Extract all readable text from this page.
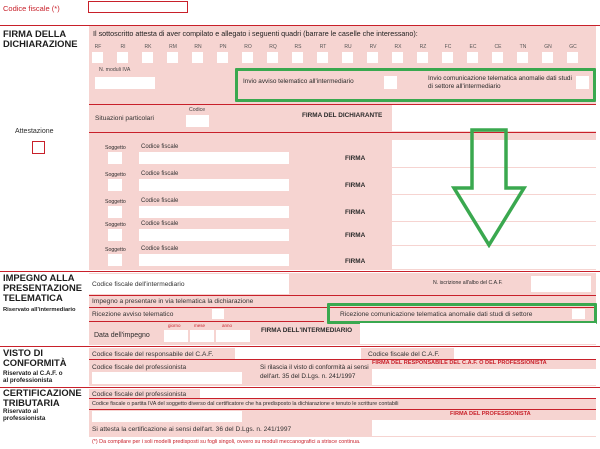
Codice fiscale (*)
FIRMA DELLA DICHIARAZIONE
Il sottoscritto attesta di aver compilato e allegato i seguenti quadri (barrare le caselle che interessano):
RF	RI	RK	RM	RN	PN	RO	RQ	RS	RT	RU	RV	RX	RZ	FC	EC	CE	TN	GN	GC
N. moduli IVA
Invio avviso telematico all'intermediario	Invio comunicazione telematica anomalie dati studi di settore all'intermediario
Situazioni particolari
Codice
FIRMA DEL DICHIARANTE
Attestazione
Soggetto	Codice fiscale
FIRMA
Soggetto	Codice fiscale
FIRMA
Soggetto	Codice fiscale
FIRMA
Soggetto	Codice fiscale
FIRMA
Soggetto	Codice fiscale
FIRMA
IMPEGNO ALLA PRESENTAZIONE TELEMATICA
Riservato all'intermediario
Codice fiscale dell'intermediario	N. iscrizione all'albo del C.A.F.
Impegno a presentare in via telematica la dichiarazione
Ricezione avviso telematico	Ricezione comunicazione telematica anomalie dati studi di settore
Data dell'impegno
giorno	mese	anno
FIRMA DELL'INTERMEDIARIO
VISTO DI CONFORMITÀ
Riservato al C.A.F. o al professionista
Codice fiscale del responsabile del C.A.F.	Codice fiscale del C.A.F.
Codice fiscale del professionista	Si rilascia il visto di conformità ai sensi dell'art. 35 del D.Lgs. n. 241/1997
FIRMA DEL RESPONSABILE DEL C.A.F. O DEL PROFESSIONISTA
CERTIFICAZIONE TRIBUTARIA
Riservato al professionista
Codice fiscale del professionista
Codice fiscale o partita IVA del soggetto diverso dal certificatore che ha predisposto la dichiarazione e tenuto le scritture contabili
FIRMA DEL PROFESSIONISTA
Si attesta la certificazione ai sensi dell'art. 36 del D.Lgs. n. 241/1997
(*) Da compilare per i soli modelli predisposti su fogli singoli, ovvero su moduli meccanografici a strisce continua.
